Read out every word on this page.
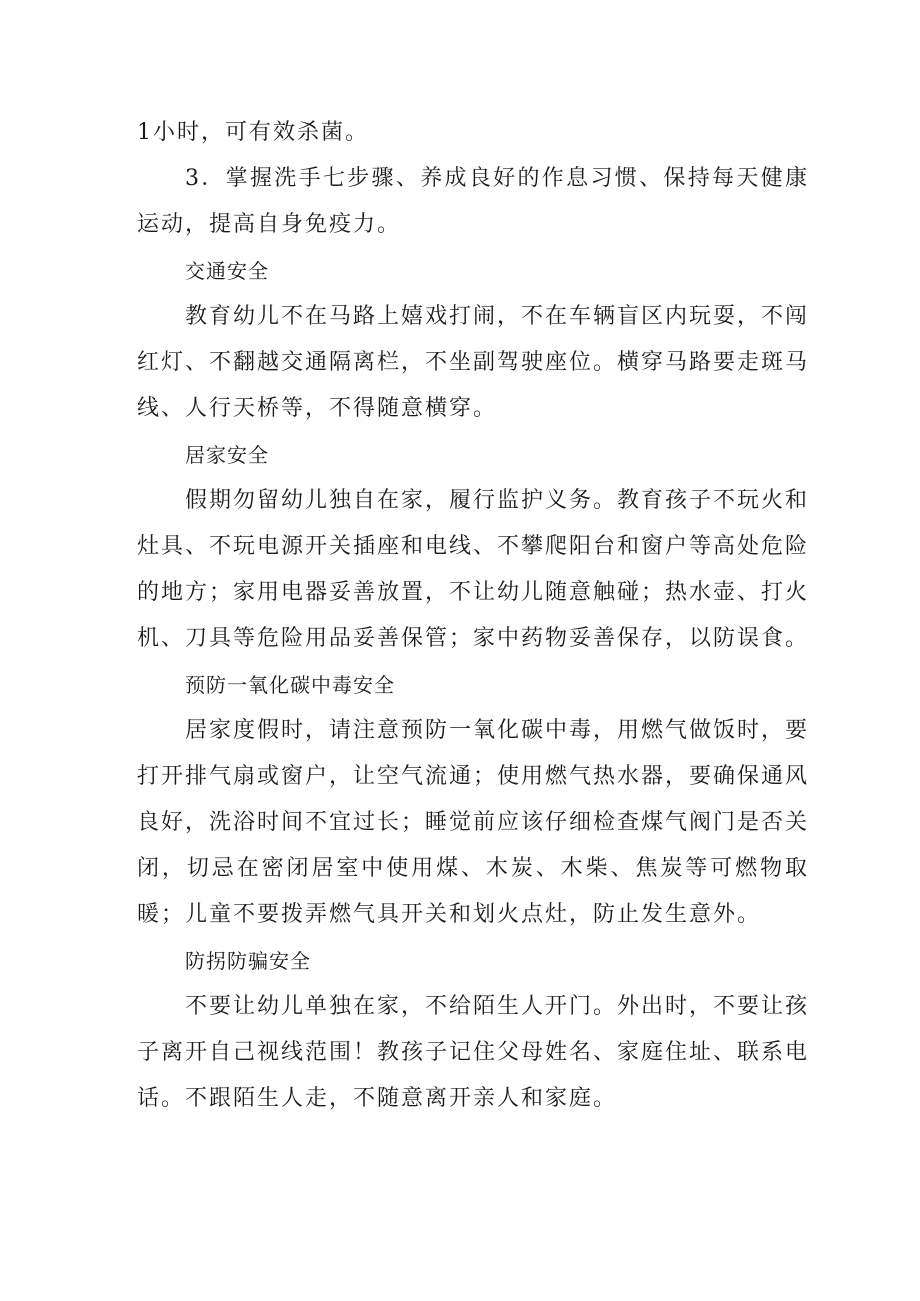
1小时，可有效杀菌。

3．掌握洗手七步骤、养成良好的作息习惯、保持每天健康运动，提高自身免疫力。

交通安全

教育幼儿不在马路上嬉戏打闹，不在车辆盲区内玩耍，不闯红灯、不翻越交通隔离栏，不坐副驾驶座位。横穿马路要走斑马线、人行天桥等，不得随意横穿。

居家安全

假期勿留幼儿独自在家，履行监护义务。教育孩子不玩火和灶具、不玩电源开关插座和电线、不攀爬阳台和窗户等高处危险的地方；家用电器妥善放置，不让幼儿随意触碰；热水壶、打火机、刀具等危险用品妥善保管；家中药物妥善保存，以防误食。

预防一氧化碳中毒安全

居家度假时，请注意预防一氧化碳中毒，用燃气做饭时，要打开排气扇或窗户，让空气流通；使用燃气热水器，要确保通风良好，洗浴时间不宜过长；睡觉前应该仔细检查煤气阀门是否关闭，切忌在密闭居室中使用煤、木炭、木柴、焦炭等可燃物取暖；儿童不要拨弄燃气具开关和划火点灶，防止发生意外。

防拐防骗安全

不要让幼儿单独在家，不给陌生人开门。外出时，不要让孩子离开自己视线范围！教孩子记住父母姓名、家庭住址、联系电话。不跟陌生人走，不随意离开亲人和家庭。
